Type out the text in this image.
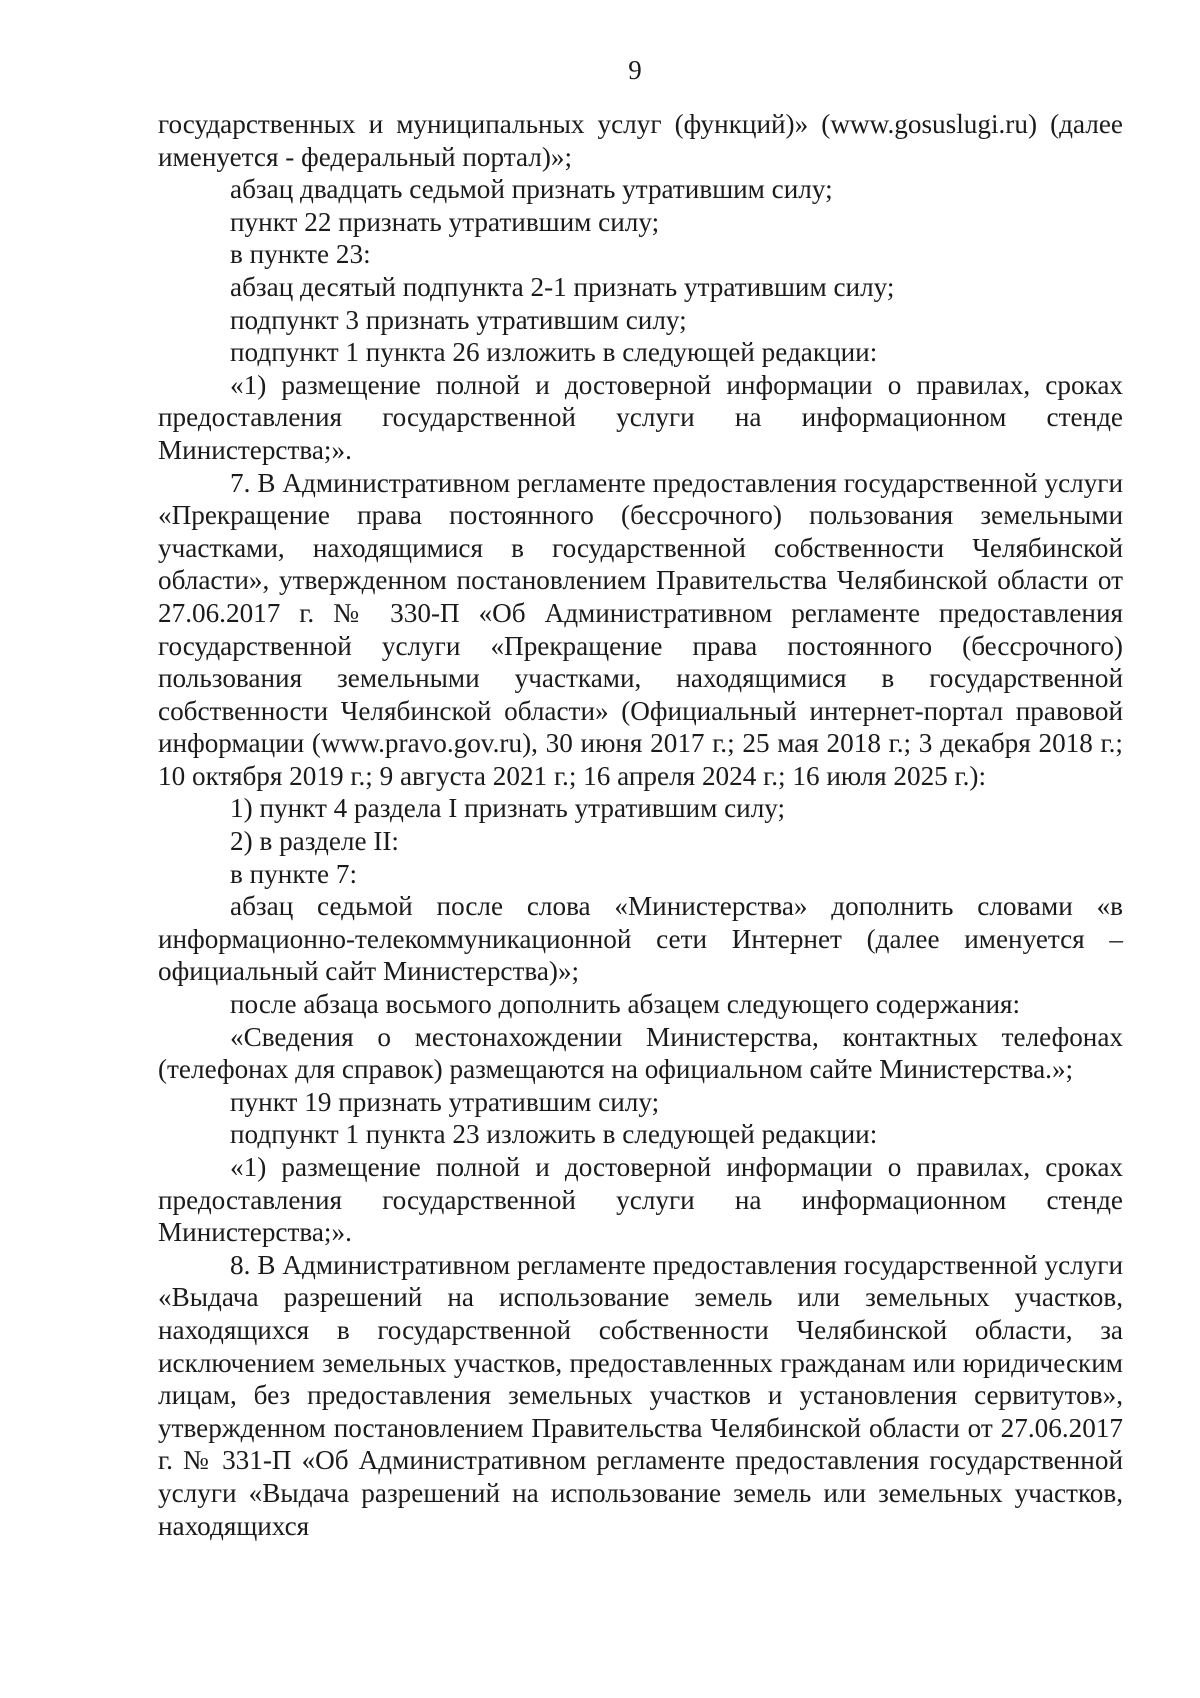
9

государственных и муниципальных услуг (функций)» (www.gosuslugi.ru) (далее именуется - федеральный портал)»;

абзац двадцать седьмой признать утратившим силу;

пункт 22 признать утратившим силу;

в пункте 23:

абзац десятый подпункта 2-1 признать утратившим силу;

подпункт 3 признать утратившим силу;

подпункт 1 пункта 26 изложить в следующей редакции:

«1) размещение полной и достоверной информации о правилах, сроках предоставления государственной услуги на информационном стенде Министерства;».

7. В Административном регламенте предоставления государственной услуги «Прекращение права постоянного (бессрочного) пользования земельными участками, находящимися в государственной собственности Челябинской области», утвержденном постановлением Правительства Челябинской области от 27.06.2017 г. № 330-П «Об Административном регламенте предоставления государственной услуги «Прекращение права постоянного (бессрочного) пользования земельными участками, находящимися в государственной собственности Челябинской области» (Официальный интернет-портал правовой информации (www.pravo.gov.ru), 30 июня 2017 г.; 25 мая 2018 г.; 3 декабря 2018 г.; 10 октября 2019 г.; 9 августа 2021 г.; 16 апреля 2024 г.; 16 июля 2025 г.):

1) пункт 4 раздела I признать утратившим силу;

2) в разделе II:

в пункте 7:

абзац седьмой после слова «Министерства» дополнить словами «в информационно-телекоммуникационной сети Интернет (далее именуется – официальный сайт Министерства)»;

после абзаца восьмого дополнить абзацем следующего содержания:

«Сведения о местонахождении Министерства, контактных телефонах (телефонах для справок) размещаются на официальном сайте Министерства.»;

пункт 19 признать утратившим силу;

подпункт 1 пункта 23 изложить в следующей редакции:

«1) размещение полной и достоверной информации о правилах, сроках предоставления государственной услуги на информационном стенде Министерства;».

8. В Административном регламенте предоставления государственной услуги «Выдача разрешений на использование земель или земельных участков, находящихся в государственной собственности Челябинской области, за исключением земельных участков, предоставленных гражданам или юридическим лицам, без предоставления земельных участков и установления сервитутов», утвержденном постановлением Правительства Челябинской области от 27.06.2017 г. № 331-П «Об Административном регламенте предоставления государственной услуги «Выдача разрешений на использование земель или земельных участков, находящихся
